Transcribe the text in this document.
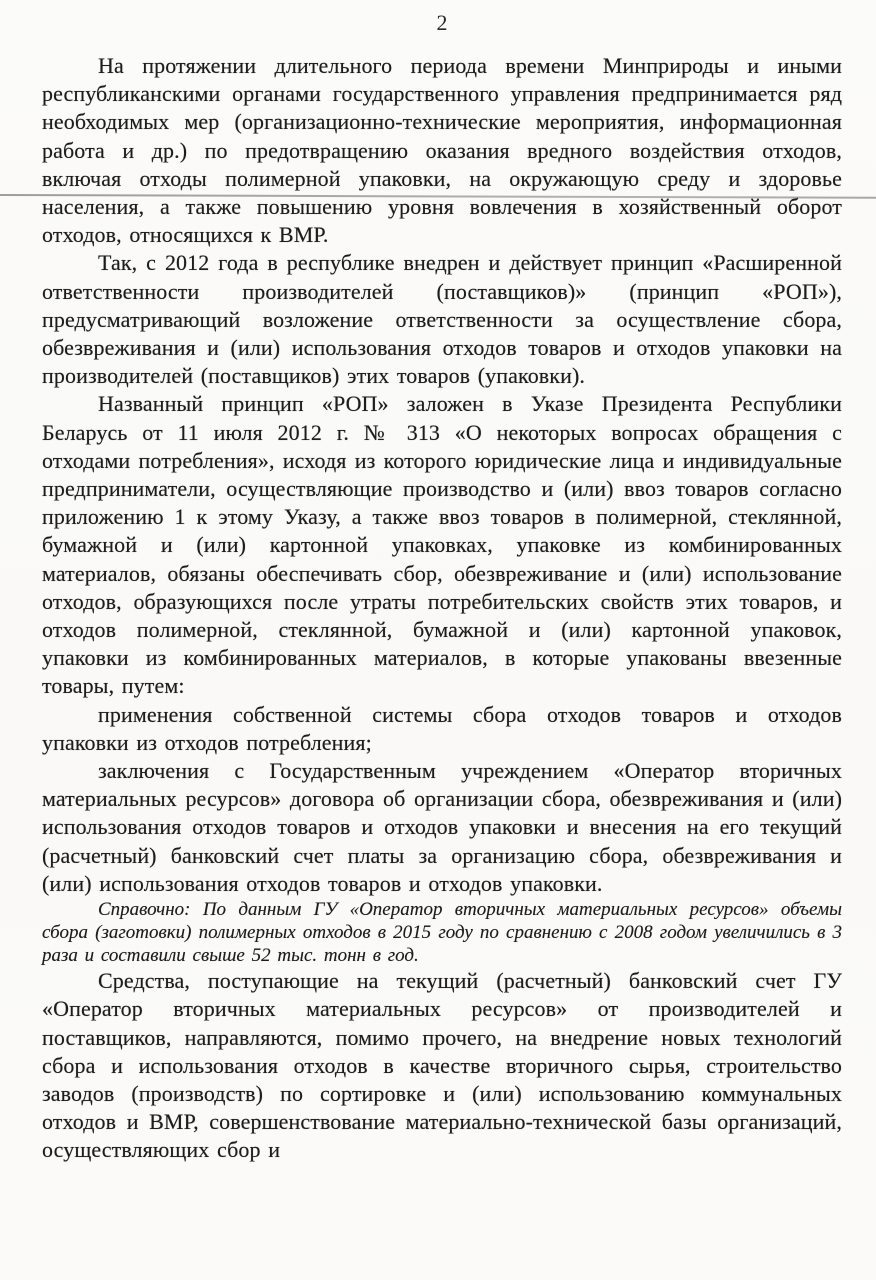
2

На протяжении длительного периода времени Минприроды и иными республиканскими органами государственного управления предпринимается ряд необходимых мер (организационно-технические мероприятия, информационная работа и др.) по предотвращению оказания вредного воздействия отходов, включая отходы полимерной упаковки, на окружающую среду и здоровье населения, а также повышению уровня вовлечения в хозяйственный оборот отходов, относящихся к ВМР.

Так, с 2012 года в республике внедрен и действует принцип «Расширенной ответственности производителей (поставщиков)» (принцип «РОП»), предусматривающий возложение ответственности за осуществление сбора, обезвреживания и (или) использования отходов товаров и отходов упаковки на производителей (поставщиков) этих товаров (упаковки).

Названный принцип «РОП» заложен в Указе Президента Республики Беларусь от 11 июля 2012 г. № 313 «О некоторых вопросах обращения с отходами потребления», исходя из которого юридические лица и индивидуальные предприниматели, осуществляющие производство и (или) ввоз товаров согласно приложению 1 к этому Указу, а также ввоз товаров в полимерной, стеклянной, бумажной и (или) картонной упаковках, упаковке из комбинированных материалов, обязаны обеспечивать сбор, обезвреживание и (или) использование отходов, образующихся после утраты потребительских свойств этих товаров, и отходов полимерной, стеклянной, бумажной и (или) картонной упаковок, упаковки из комбинированных материалов, в которые упакованы ввезенные товары, путем:

применения собственной системы сбора отходов товаров и отходов упаковки из отходов потребления;

заключения с Государственным учреждением «Оператор вторичных материальных ресурсов» договора об организации сбора, обезвреживания и (или) использования отходов товаров и отходов упаковки и внесения на его текущий (расчетный) банковский счет платы за организацию сбора, обезвреживания и (или) использования отходов товаров и отходов упаковки.

Справочно: По данным ГУ «Оператор вторичных материальных ресурсов» объемы сбора (заготовки) полимерных отходов в 2015 году по сравнению с 2008 годом увеличились в 3 раза и составили свыше 52 тыс. тонн в год.

Средства, поступающие на текущий (расчетный) банковский счет ГУ «Оператор вторичных материальных ресурсов» от производителей и поставщиков, направляются, помимо прочего, на внедрение новых технологий сбора и использования отходов в качестве вторичного сырья, строительство заводов (производств) по сортировке и (или) использованию коммунальных отходов и ВМР, совершенствование материально-технической базы организаций, осуществляющих сбор и
